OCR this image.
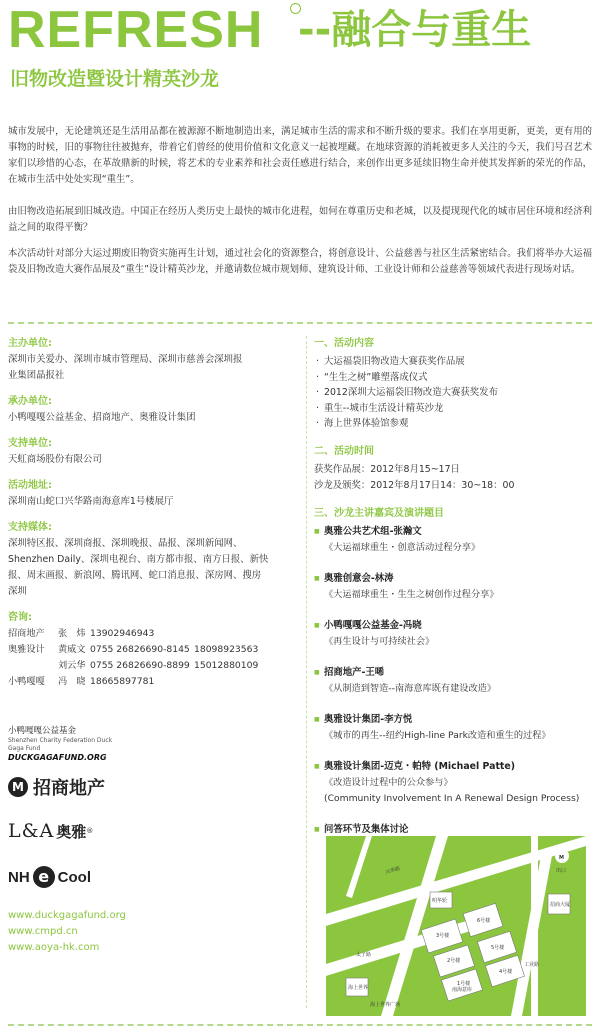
REFRESH --融合与重生
旧物改造暨设计精英沙龙

城市发展中，无论建筑还是生活用品都在被源源不断地制造出来，满足城市生活的需求和不断升级的要求。我们在享用更新，更美，更有用的事物的时候，旧的事物往往被抛弃，带着它们曾经的使用价值和文化意义一起被埋藏。在地球资源的消耗被更多人关注的今天，我们号召艺术家们以珍惜的心态，在革故鼎新的时候，将艺术的专业素养和社会责任感进行结合，来创作出更多延续旧物生命并使其发挥新的荣光的作品，在城市生活中处处实现“重生”。

由旧物改造拓展到旧城改造。中国正在经历人类历史上最快的城市化进程，如何在尊重历史和老城，以及提现现代化的城市居住环境和经济利益之间的取得平衡？

本次活动针对部分大运过期废旧物资实施再生计划，通过社会化的资源整合，将创意设计、公益慈善与社区生活紧密结合。我们将举办大运福袋及旧物改造大赛作品展及“重生”设计精英沙龙，并邀请数位城市规划师、建筑设计师、工业设计师和公益慈善等领域代表进行现场对话。

主办单位:

深圳市关爱办、深圳市城市管理局、深圳市慈善会深圳报业集团晶报社

承办单位:

小鸭嘎嘎公益基金、招商地产、奥雅设计集团

支持单位:

天虹商场股份有限公司

活动地址:

深圳南山蛇口兴华路南海意库1号楼展厅

支持媒体:

深圳特区报、深圳商报、深圳晚报、晶报、深圳新闻网、Shenzhen Daily、深圳电视台、南方都市报、南方日报、新快报、周末画报、新浪网、腾讯网、蛇口消息报、深房网、搜房深圳

咨询:

招商地产	张　炜 13902946943
奥雅设计	黄威文 0755 26826690-8145 18098923563
刘云华 0755 26826690-8899 15012880109
小鸭嘎嘎	冯　晓 18665897781
小鸭嘎嘎公益基金
Shenzhen Charity Federation Duck Gaga Fund
DUCKGAGAFUND.ORG
M 招商地产
L&A 奥雅 ®
NH e Cool

www.duckgagafund.org

www.cmpd.cn

www.aoya-hk.com

一、活动内容

· 大运福袋旧物改造大赛获奖作品展

· “生生之树”雕塑落成仪式

· 2012深圳大运福袋旧物改造大赛获奖发布

· 重生--城市生活设计精英沙龙

· 海上世界体验馆参观

二、活动时间

获奖作品展：2012年8月15~17日

沙龙及颁奖：2012年8月17日14：30~18：00

三、沙龙主讲嘉宾及演讲题目

■ 奥雅公共艺术组-张瀚文

《大运福球重生・创意活动过程分享》

■ 奥雅创意会-林涛

《大运福球重生・生生之树创作过程分享》

■ 小鸭嘎嘎公益基金-冯晓

《再生设计与可持续社会》

■ 招商地产-王唏

《从制造到智造--南海意库既有建设改造》

■ 奥雅设计集团-李方悦

《城市的再生--纽约High-line Park改造和重生的过程》

■ 奥雅设计集团-迈克・帕特 (Michael Patte)

《改造设计过程中的公众参与》

(Community Involvement In A Renewal Design Process)

■ 问答环节及集体讨论

M
兴华路
太子路
工业路
南海意库
1号楼
2号楼
3号楼
4号楼
5号楼
6号楼
海上世界
明华轮
招商大厦
出口
海上世界广场
